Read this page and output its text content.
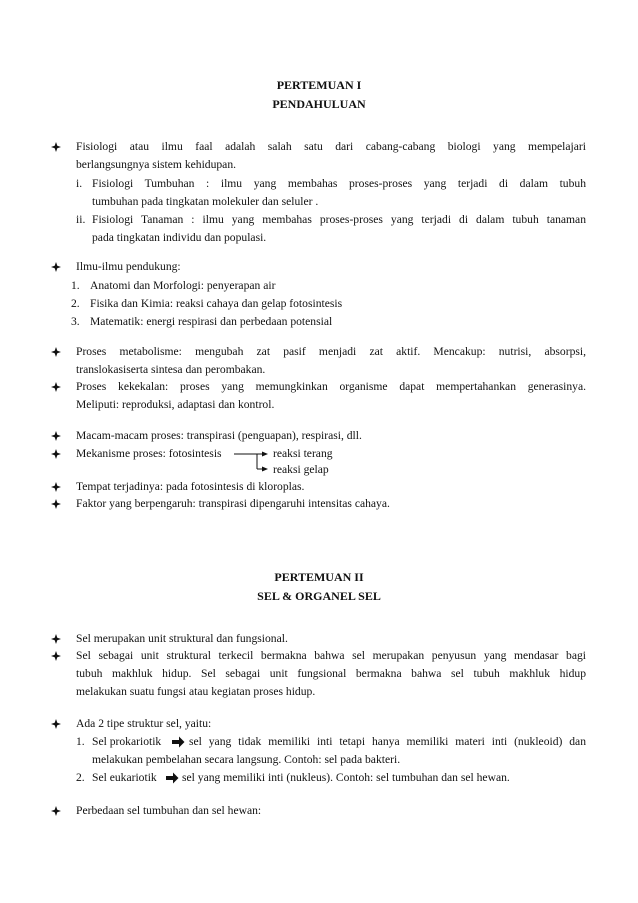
PERTEMUAN I
PENDAHULUAN
Fisiologi atau ilmu faal adalah salah satu dari cabang-cabang biologi yang mempelajari
berlangsungnya sistem kehidupan.
i. Fisiologi Tumbuhan : ilmu yang membahas proses-proses yang terjadi di dalam tubuh
tumbuhan pada tingkatan molekuler dan seluler .
ii. Fisiologi Tanaman : ilmu yang membahas proses-proses yang terjadi di dalam tubuh tanaman
pada tingkatan individu dan populasi.
Ilmu-ilmu pendukung:
1. Anatomi dan Morfologi: penyerapan air
2. Fisika dan Kimia: reaksi cahaya dan gelap fotosintesis
3. Matematik: energi respirasi dan perbedaan potensial
Proses metabolisme: mengubah zat pasif menjadi zat aktif. Mencakup: nutrisi, absorpsi,
translokasiserta sintesa dan perombakan.
Proses kekekalan: proses yang memungkinkan organisme dapat mempertahankan generasinya.
Meliputi: reproduksi, adaptasi dan kontrol.
Macam-macam proses: transpirasi (penguapan), respirasi, dll.
Mekanisme proses: fotosintesis	reaksi terang
reaksi gelap
Tempat terjadinya: pada fotosintesis di kloroplas.
Faktor yang berpengaruh: transpirasi dipengaruhi intensitas cahaya.
PERTEMUAN II
SEL & ORGANEL SEL
Sel merupakan unit struktural dan fungsional.
Sel sebagai unit struktural terkecil bermakna bahwa sel merupakan penyusun yang mendasar bagi
tubuh makhluk hidup. Sel sebagai unit fungsional bermakna bahwa sel tubuh makhluk hidup
melakukan suatu fungsi atau kegiatan proses hidup.
Ada 2 tipe struktur sel, yaitu:
1. Sel prokariotik sel yang tidak memiliki inti tetapi hanya memiliki materi inti (nukleoid) dan
melakukan pembelahan secara langsung. Contoh: sel pada bakteri.
2. Sel eukariotik sel yang memiliki inti (nukleus). Contoh: sel tumbuhan dan sel hewan.
Perbedaan sel tumbuhan dan sel hewan:
